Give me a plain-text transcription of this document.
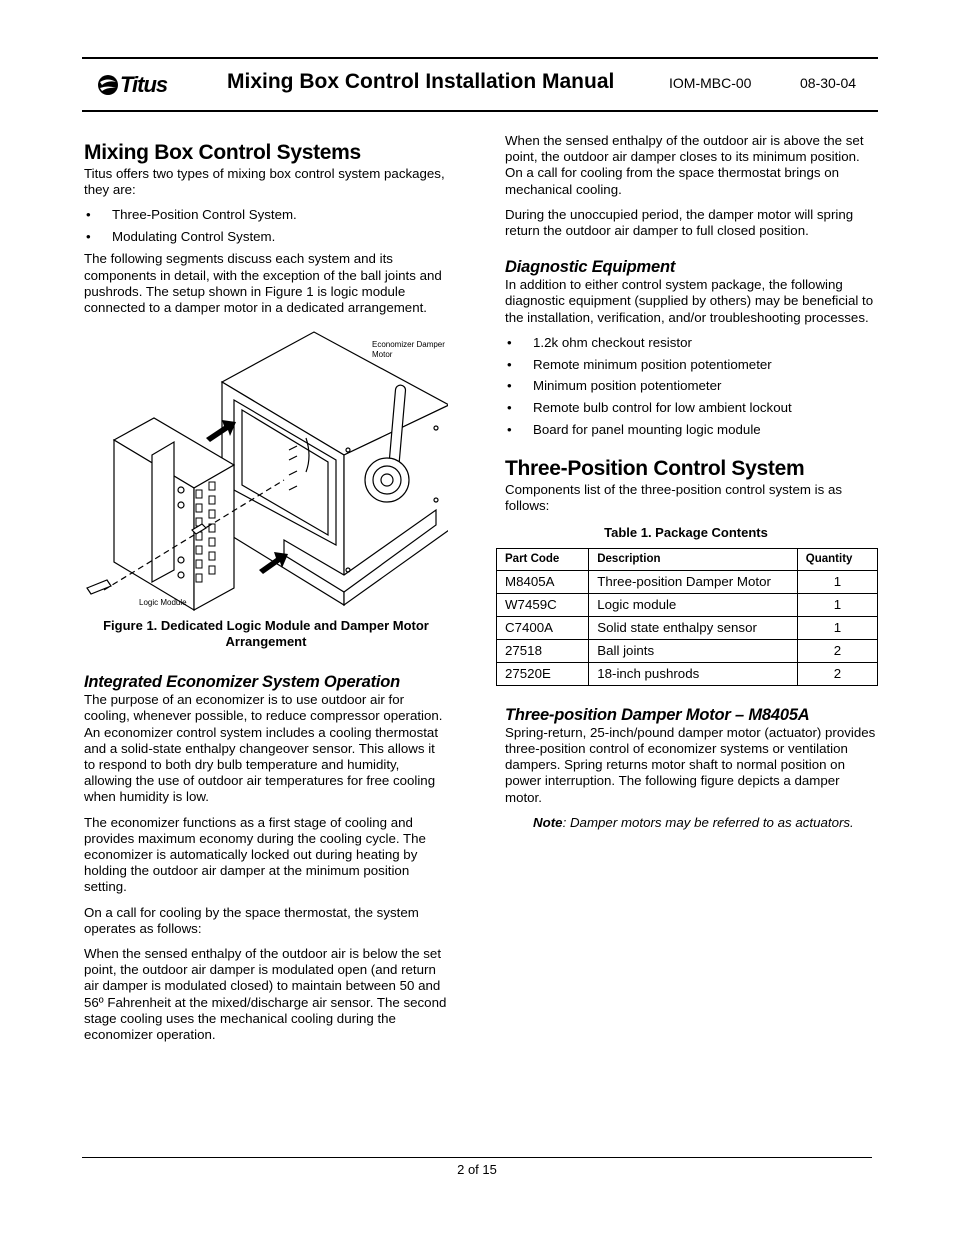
Titus	Mixing Box Control Installation Manual	IOM-MBC-00	08-30-04
Mixing Box Control Systems

Titus offers two types of mixing box control system packages, they are:

• Three-Position Control System.
• Modulating Control System.

The following segments discuss each system and its components in detail, with the exception of the ball joints and pushrods. The setup shown in Figure 1 is logic module connected to a damper motor in a dedicated arrangement.

Economizer Damper Motor
Logic Module
Figure 1. Dedicated Logic Module and Damper Motor Arrangement
Integrated Economizer System Operation

The purpose of an economizer is to use outdoor air for cooling, whenever possible, to reduce compressor operation. An economizer control system includes a cooling thermostat and a solid-state enthalpy changeover sensor. This allows it to respond to both dry bulb temperature and humidity, allowing the use of outdoor air temperatures for free cooling when humidity is low.

The economizer functions as a first stage of cooling and provides maximum economy during the cooling cycle. The economizer is automatically locked out during heating by holding the outdoor air damper at the minimum position setting.

On a call for cooling by the space thermostat, the system operates as follows:

When the sensed enthalpy of the outdoor air is below the set point, the outdoor air damper is modulated open (and return air damper is modulated closed) to maintain between 50 and 56º Fahrenheit at the mixed/discharge air sensor. The second stage cooling uses the mechanical cooling during the economizer operation.

When the sensed enthalpy of the outdoor air is above the set point, the outdoor air damper closes to its minimum position. On a call for cooling from the space thermostat brings on mechanical cooling.

During the unoccupied period, the damper motor will spring return the outdoor air damper to full closed position.

Diagnostic Equipment

In addition to either control system package, the following diagnostic equipment (supplied by others) may be beneficial to the installation, verification, and/or troubleshooting processes.

• 1.2k ohm checkout resistor
• Remote minimum position potentiometer
• Minimum position potentiometer
• Remote bulb control for low ambient lockout
• Board for panel mounting logic module
Three-Position Control System

Components list of the three-position control system is as follows:

Table 1. Package Contents
Part Code	Description	Quantity
M8405A	Three-position Damper Motor	1
W7459C	Logic module	1
C7400A	Solid state enthalpy sensor	1
27518	Ball joints	2
27520E	18-inch pushrods	2
Three-position Damper Motor – M8405A

Spring-return, 25-inch/pound damper motor (actuator) provides three-position control of economizer systems or ventilation dampers. Spring returns motor shaft to normal position on power interruption. The following figure depicts a damper motor.

Note: Damper motors may be referred to as actuators.

2 of 15
